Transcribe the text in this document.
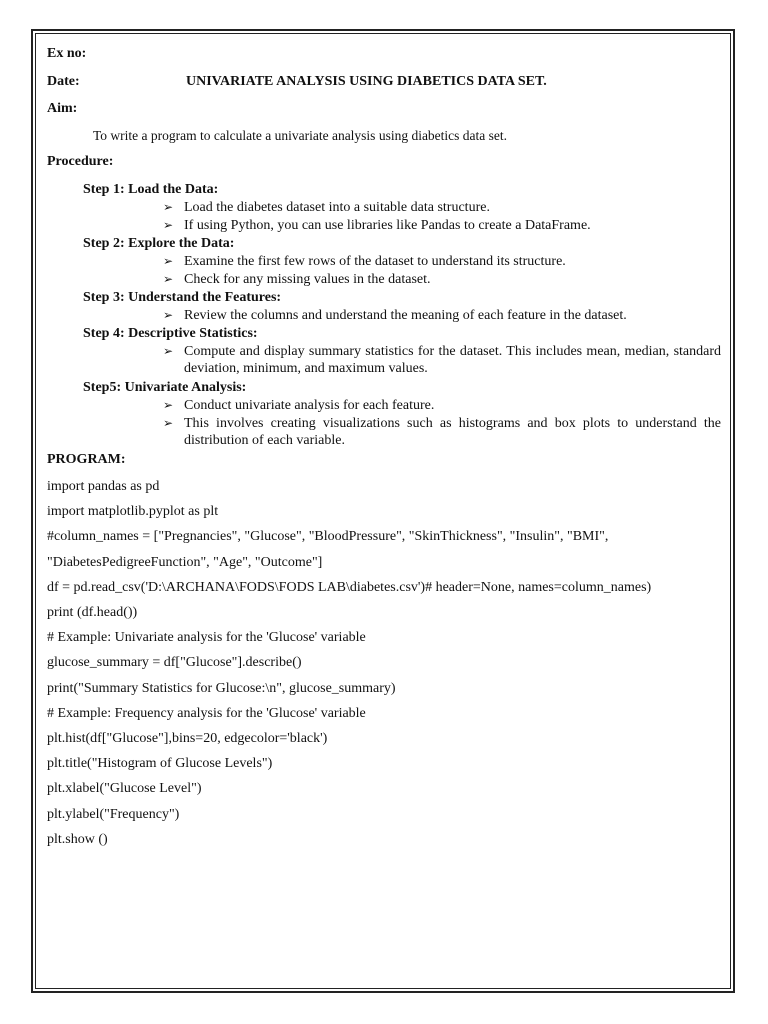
Ex no:
Date:	UNIVARIATE ANALYSIS USING DIABETICS DATA SET.
Aim:
To write a program to calculate a univariate analysis using diabetics data set.
Procedure:
Step 1: Load the Data:
➢ Load the diabetes dataset into a suitable data structure.
➢ If using Python, you can use libraries like Pandas to create a DataFrame.
Step 2: Explore the Data:
➢ Examine the first few rows of the dataset to understand its structure.
➢ Check for any missing values in the dataset.
Step 3: Understand the Features:
➢ Review the columns and understand the meaning of each feature in the dataset.
Step 4: Descriptive Statistics:
➢ Compute and display summary statistics for the dataset. This includes mean, median, standard deviation, minimum, and maximum values.
Step5: Univariate Analysis:
➢ Conduct univariate analysis for each feature.
➢ This involves creating visualizations such as histograms and box plots to understand the distribution of each variable.
PROGRAM:
import pandas as pd
import matplotlib.pyplot as plt
#column_names = ["Pregnancies", "Glucose", "BloodPressure", "SkinThickness", "Insulin", "BMI",
"DiabetesPedigreeFunction", "Age", "Outcome"]
df = pd.read_csv('D:\ARCHANA\FODS\FODS LAB\diabetes.csv')# header=None, names=column_names)
print (df.head())
# Example: Univariate analysis for the 'Glucose' variable
glucose_summary = df["Glucose"].describe()
print("Summary Statistics for Glucose:\n", glucose_summary)
# Example: Frequency analysis for the 'Glucose' variable
plt.hist(df["Glucose"],bins=20, edgecolor='black')
plt.title("Histogram of Glucose Levels")
plt.xlabel("Glucose Level")
plt.ylabel("Frequency")
plt.show ()
